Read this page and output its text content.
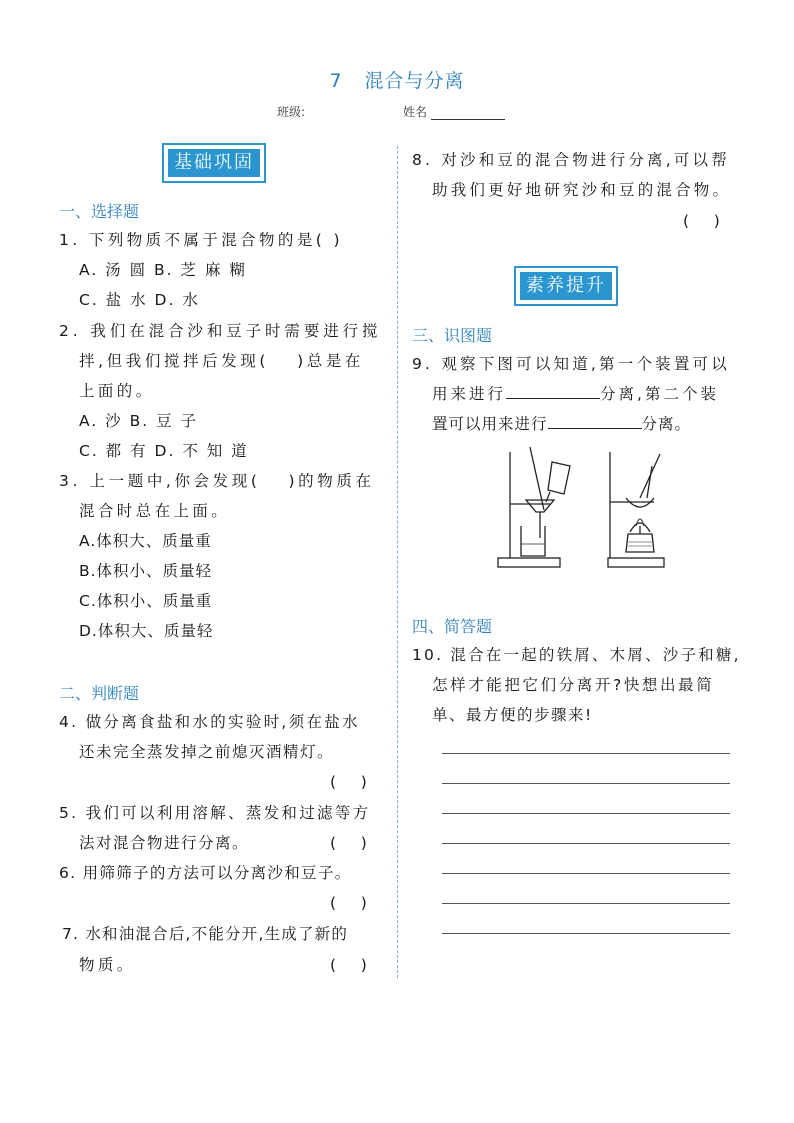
7 混合与分离
班级:	姓名
基础巩固
一、选择题
1. 下列物质不属于混合物的是( )
A. 汤 圆 B. 芝 麻 糊
C. 盐 水 D. 水
2. 我们在混合沙和豆子时需要进行搅
拌,但我们搅拌后发现( )总是在
上面的。
A. 沙 B. 豆 子
C. 都 有 D. 不 知 道
3. 上一题中,你会发现( )的物质在
混合时总在上面。
A.体积大、质量重
B.体积小、质量轻
C.体积小、质量重
D.体积大、质量轻
二、判断题
4. 做分离食盐和水的实验时,须在盐水
还未完全蒸发掉之前熄灭酒精灯。
( )
5. 我们可以利用溶解、蒸发和过滤等方
法对混合物进行分离。	( )
6. 用筛筛子的方法可以分离沙和豆子。
( )
7. 水和油混合后,不能分开,生成了新的
物质。	( )
8. 对沙和豆的混合物进行分离,可以帮
助我们更好地研究沙和豆的混合物。
( )
素养提升
三、识图题
9. 观察下图可以知道,第一个装置可以
用来进行	分离,第二个装
置可以用来进行	分离。
四、简答题
10. 混合在一起的铁屑、木屑、沙子和糖,
怎样才能把它们分离开?快想出最简
单、最方便的步骤来!
